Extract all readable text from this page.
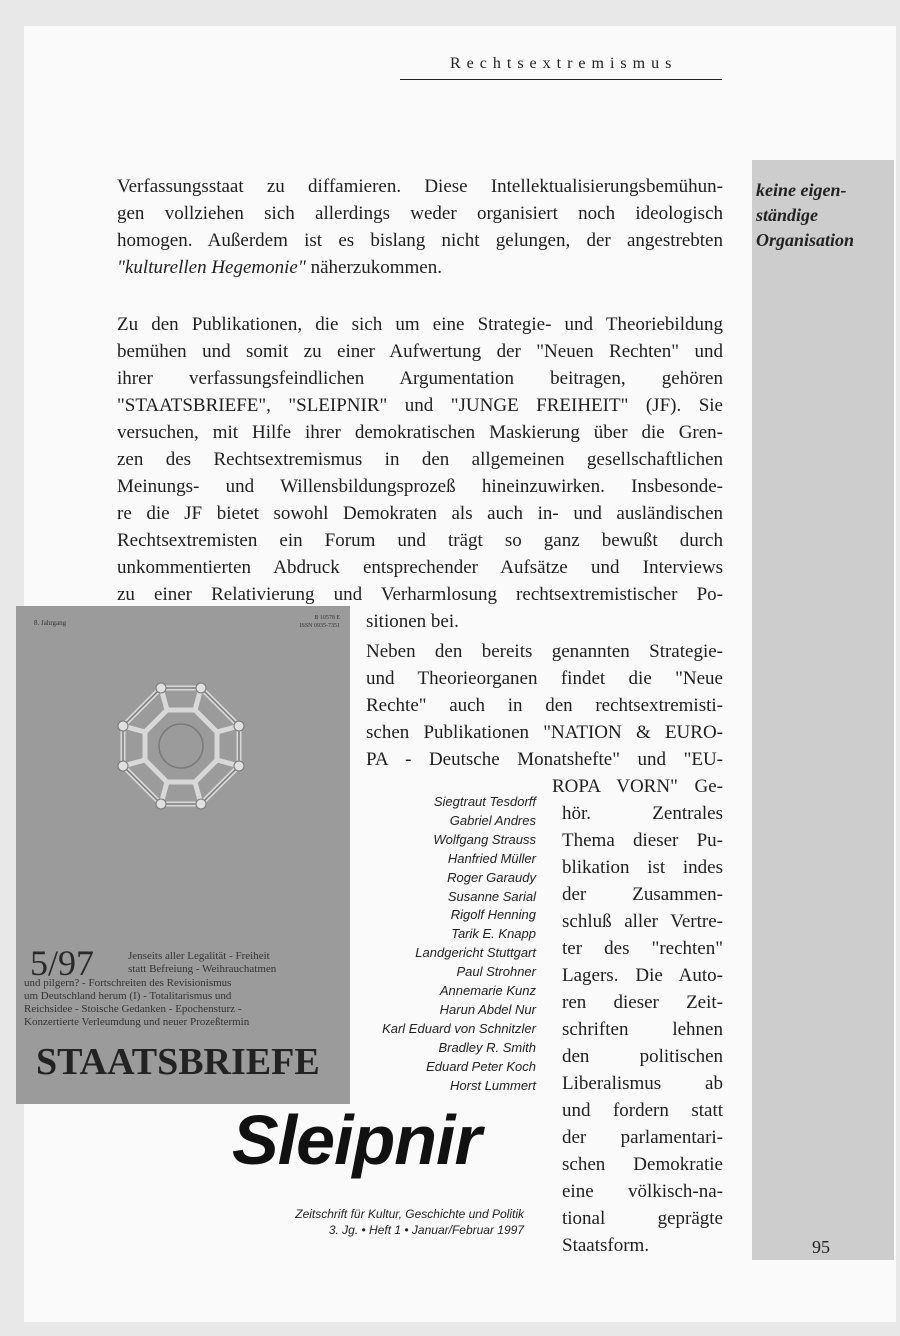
Rechtsextremismus
keine eigen-
ständige
Organisation
Verfassungsstaat zu diffamieren. Diese Intellektualisierungsbemühun-
gen vollziehen sich allerdings weder organisiert noch ideologisch
homogen. Außerdem ist es bislang nicht gelungen, der angestrebten
"kulturellen Hegemonie" näherzukommen.
Zu den Publikationen, die sich um eine Strategie- und Theoriebildung
bemühen und somit zu einer Aufwertung der "Neuen Rechten" und
ihrer verfassungsfeindlichen Argumentation beitragen, gehören
"STAATSBRIEFE", "SLEIPNIR" und "JUNGE FREIHEIT" (JF). Sie
versuchen, mit Hilfe ihrer demokratischen Maskierung über die Gren-
zen des Rechtsextremismus in den allgemeinen gesellschaftlichen
Meinungs- und Willensbildungsprozeß hineinzuwirken. Insbesonde-
re die JF bietet sowohl Demokraten als auch in- und ausländischen
Rechtsextremisten ein Forum und trägt so ganz bewußt durch
unkommentierten Abdruck entsprechender Aufsätze und Interviews
zu einer Relativierung und Verharmlosung rechtsextremistischer Po-
sitionen bei.
Neben den bereits genannten Strategie-
und Theorieorganen findet die "Neue
Rechte" auch in den rechtsextremisti-
schen Publikationen "NATION & EURO-
PA - Deutsche Monatshefte" und "EU-
ROPA VORN" Ge-
hör. Zentrales
Thema dieser Pu-
blikation ist indes
der Zusammen-
schluß aller Vertre-
ter des "rechten"
Lagers. Die Auto-
ren dieser Zeit-
schriften lehnen
den politischen
Liberalismus ab
und fordern statt
der parlamentari-
schen Demokratie
eine völkisch-na-
tional geprägte
Staatsform.
8. Jahrgang
B 10578 E
ISSN 0935-7351
5/97	Jenseits aller Legalität - Freiheit
statt Befreiung - Weihrauchatmen
und pilgern? - Fortschreiten des Revisionismus
um Deutschland herum (I) - Totalitarismus und
Reichsidee - Stoische Gedanken - Epochensturz -
Konzertierte Verleumdung und neuer Prozeßtermin
STAATSBRIEFE
Siegtraut Tesdorff
Gabriel Andres
Wolfgang Strauss
Hanfried Müller
Roger Garaudy
Susanne Sarial
Rigolf Henning
Tarik E. Knapp
Landgericht Stuttgart
Paul Strohner
Annemarie Kunz
Harun Abdel Nur
Karl Eduard von Schnitzler
Bradley R. Smith
Eduard Peter Koch
Horst Lummert
Sleipnir
Zeitschrift für Kultur, Geschichte und Politik
3. Jg. • Heft 1 • Januar/Februar 1997
95
